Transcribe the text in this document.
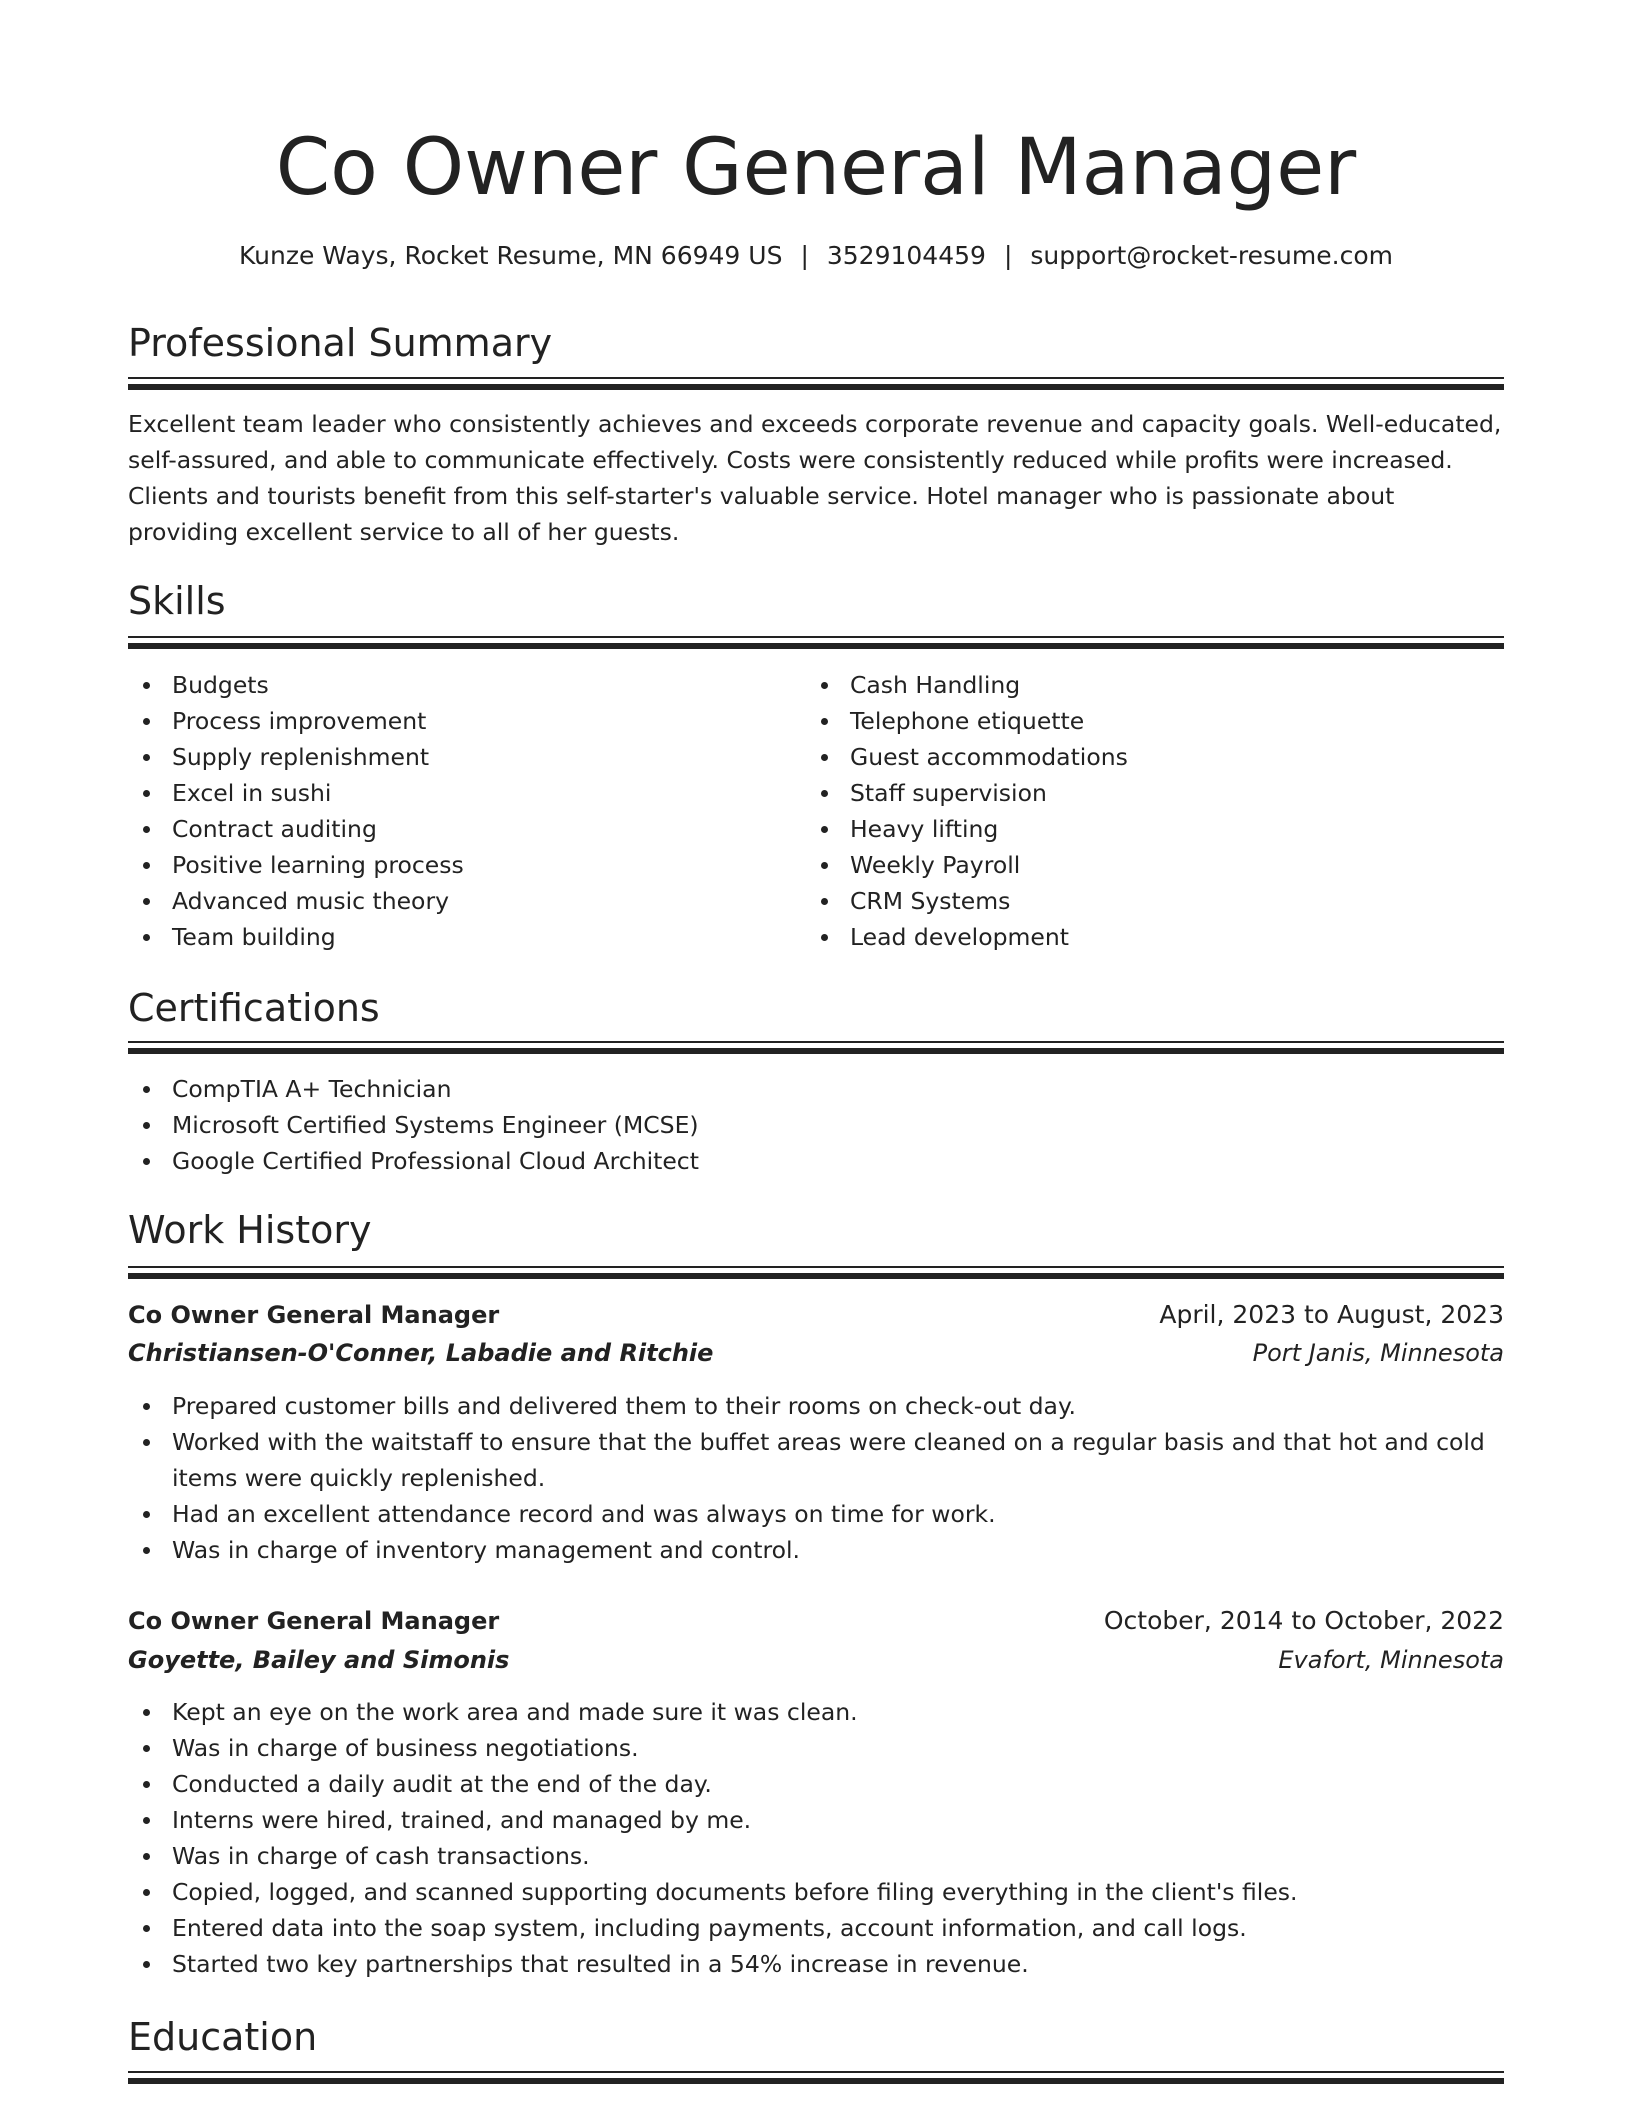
Co Owner General Manager
Kunze Ways, Rocket Resume, MN 66949 US | 3529104459 | support@rocket-resume.com
Professional Summary

Excellent team leader who consistently achieves and exceeds corporate revenue and capacity goals. Well-educated, self-assured, and able to communicate effectively. Costs were consistently reduced while profits were increased. Clients and tourists benefit from this self-starter's valuable service. Hotel manager who is passionate about providing excellent service to all of her guests.

Skills
Budgets
Process improvement
Supply replenishment
Excel in sushi
Contract auditing
Positive learning process
Advanced music theory
Team building
Cash Handling
Telephone etiquette
Guest accommodations
Staff supervision
Heavy lifting
Weekly Payroll
CRM Systems
Lead development
Certifications
CompTIA A+ Technician
Microsoft Certified Systems Engineer (MCSE)
Google Certified Professional Cloud Architect
Work History
Co Owner General Manager	April, 2023 to August, 2023
Christiansen-O'Conner, Labadie and Ritchie	Port Janis, Minnesota
Prepared customer bills and delivered them to their rooms on check-out day.
Worked with the waitstaff to ensure that the buffet areas were cleaned on a regular basis and that hot and cold items were quickly replenished.
Had an excellent attendance record and was always on time for work.
Was in charge of inventory management and control.
Co Owner General Manager	October, 2014 to October, 2022
Goyette, Bailey and Simonis	Evafort, Minnesota
Kept an eye on the work area and made sure it was clean.
Was in charge of business negotiations.
Conducted a daily audit at the end of the day.
Interns were hired, trained, and managed by me.
Was in charge of cash transactions.
Copied, logged, and scanned supporting documents before filing everything in the client's files.
Entered data into the soap system, including payments, account information, and call logs.
Started two key partnerships that resulted in a 54% increase in revenue.
Education
